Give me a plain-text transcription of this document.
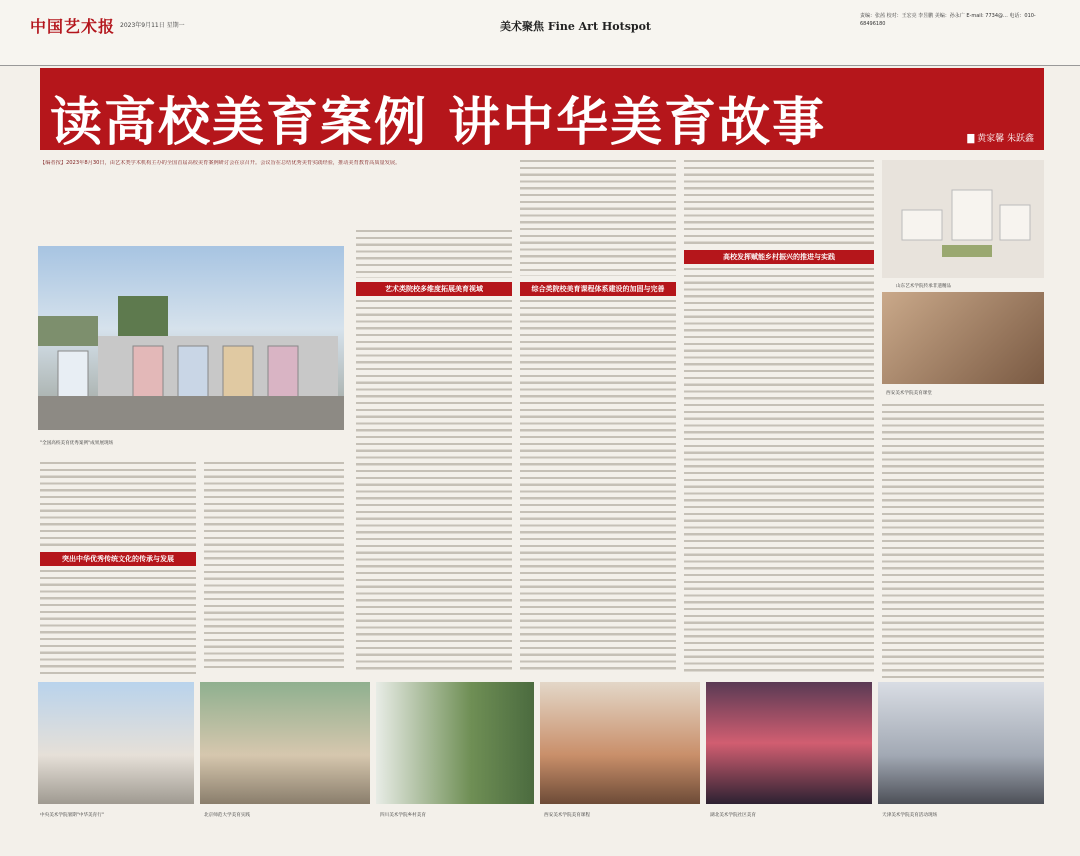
中国艺术报 2023年9月11日 星期一	美术聚焦 Fine Art Hotspot
责编：张茜 校对：王宏亮 李昱鹏 美编：孙永广 E-mail: 7734@... 电话：010-68496180
读高校美育案例 讲中华美育故事	▇ 黄家馨 朱跃鑫
【编者按】2023年8月30日，由艺术类学术机构主办的全国首届高校美育案例研讨会在京召开。会议旨在总结优秀美育实践经验，推动美育教育高质量发展。
"全国高校美育优秀案例"成果展现场
突出中华优秀传统文化的传承与发展
艺术类院校多维度拓展美育视域	综合类院校美育课程体系建设的加固与完善
高校发挥赋能乡村振兴的推进与实践
山东艺术学院传承非遗精品
西安美术学院美育课堂
中央美术学院暑期"中华美育行"	北京师范大学美育实践	四川美术学院乡村美育	西安美术学院美育课程	湖北美术学院社区美育	天津美术学院美育活动现场
